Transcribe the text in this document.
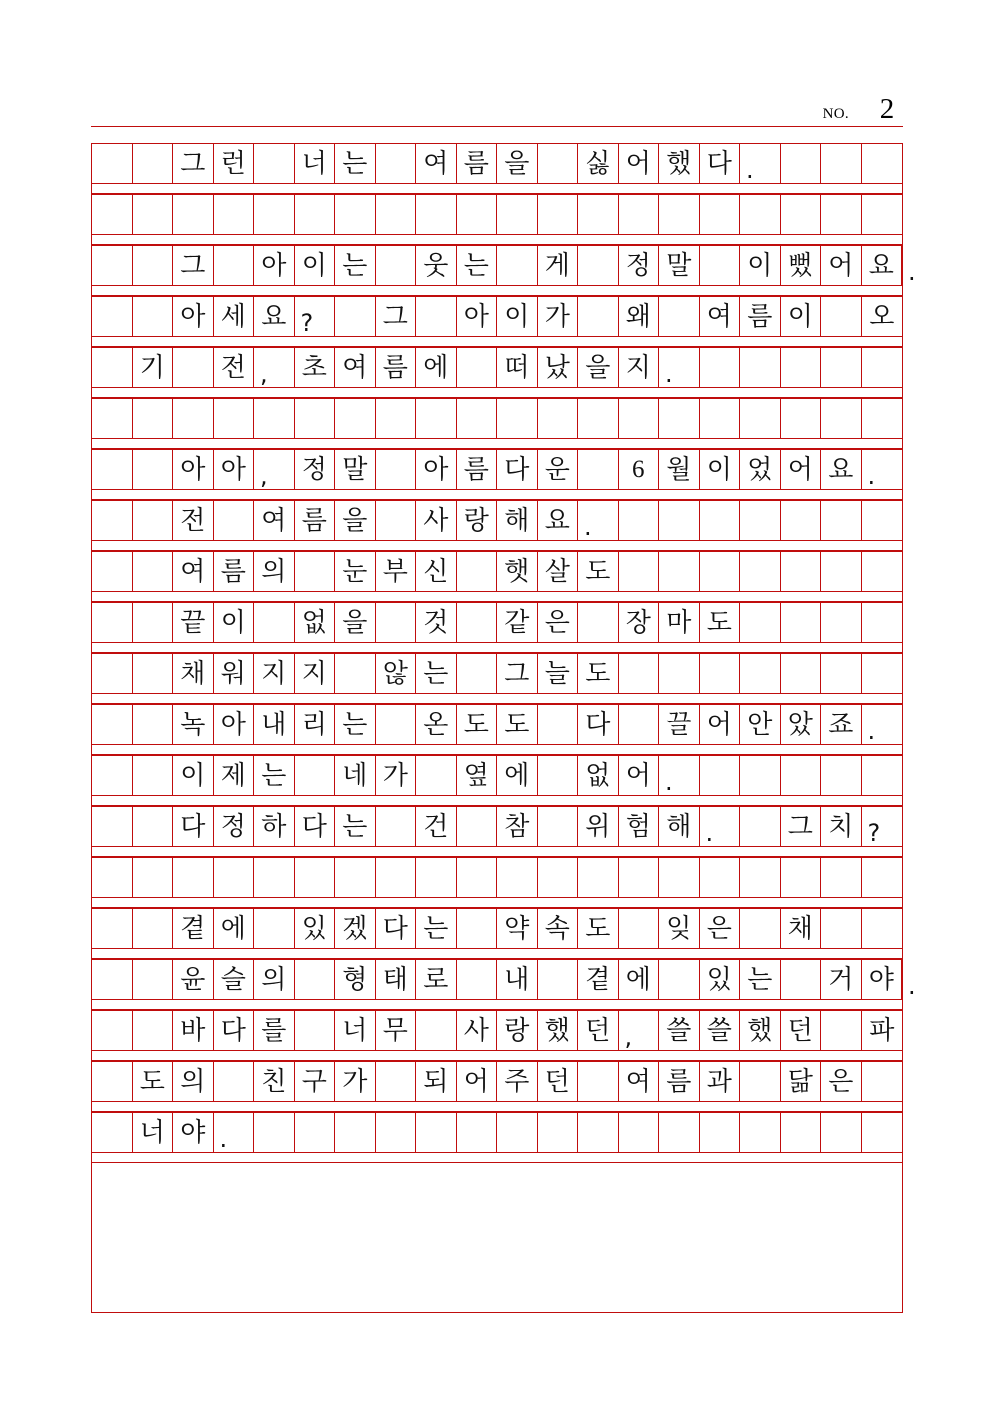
NO. 2
그 런	너 는	여 름 을	싫 어 했 다 .
그	아 이 는	웃 는	게	정 말	이 뻤 어 요 .
아 세 요 ?	그	아 이 가	왜	여 름 이	오
기	전 ,	초 여 름 에	떠 났 을 지 .
아 아 ,	정 말	아 름 다 운	6 월 이 었 어 요 .
전	여 름 을	사 랑 해 요 .
여 름 의	눈 부 신	햇 살 도
끝 이	없 을	것	같 은	장 마 도
채 워 지 지	않 는	그 늘 도
녹 아 내 리 는	온 도 도	다	끌 어 안 았 죠 .
이 제 는	네 가	옆 에	없 어 .
다 정 하 다 는	건	참	위 험 해 .	그 치 ?
곁 에	있 겠 다 는	약 속 도	잊 은	채
윤 슬 의	형 태 로	내	곁 에	있 는	거 야 .
바 다 를	너 무	사 랑 했 던 ,	쓸 쓸 했 던	파
도 의	친 구 가	되 어 주 던	여 름 과	닮 은
너 야 .
